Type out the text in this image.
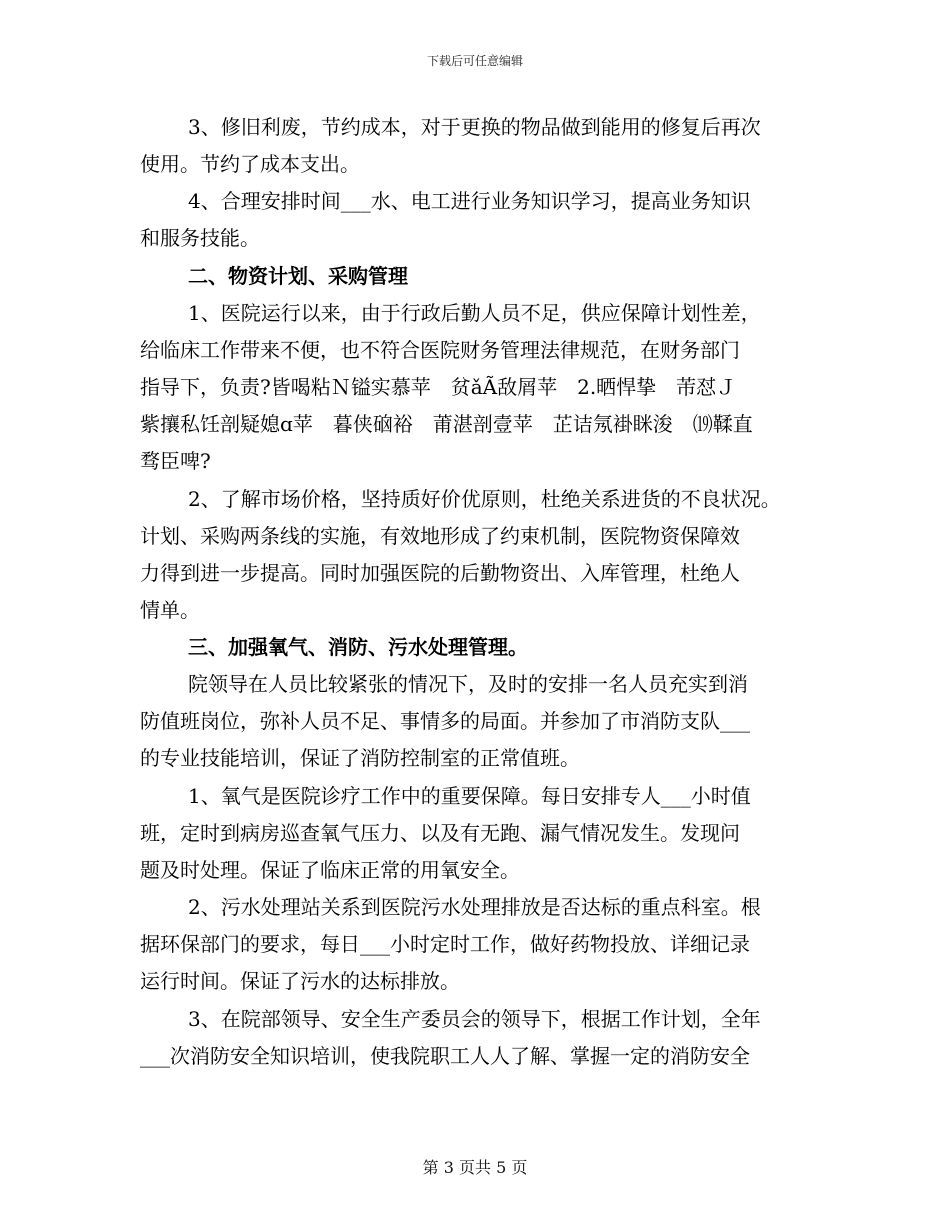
下载后可任意编辑
3、修旧利废，节约成本，对于更换的物品做到能用的修复后再次
使用。节约了成本支出。
4、合理安排时间___水、电工进行业务知识学习，提高业务知识
和服务技能。
二、物资计划、采购管理
1、医院运行以来，由于行政后勤人员不足，供应保障计划性差，
给临床工作带来不便，也不符合医院财务管理法律规范，在财务部门
指导下，负责?皆喝粘Ｎ镒实慕苹　贫ǎÃ敌屑苹　2.晒悍挚　芾怼Ｊ
紫攘私饪剖疑媳ɑ苹　暮侠硇裕　莆湛剖壹苹　芷诘氖褂眯浚　⒆鞣直
骛臣啤?
2、了解市场价格，坚持质好价优原则，杜绝关系进货的不良状况。
计划、采购两条线的实施，有效地形成了约束机制，医院物资保障效
力得到进一步提高。同时加强医院的后勤物资出、入库管理，杜绝人
情单。
三、加强氧气、消防、污水处理管理。
院领导在人员比较紧张的情况下，及时的安排一名人员充实到消
防值班岗位，弥补人员不足、事情多的局面。并参加了市消防支队___
的专业技能培训，保证了消防控制室的正常值班。
1、氧气是医院诊疗工作中的重要保障。每日安排专人___小时值
班，定时到病房巡查氧气压力、以及有无跑、漏气情况发生。发现问
题及时处理。保证了临床正常的用氧安全。
2、污水处理站关系到医院污水处理排放是否达标的重点科室。根
据环保部门的要求，每日___小时定时工作，做好药物投放、详细记录
运行时间。保证了污水的达标排放。
3、在院部领导、安全生产委员会的领导下，根据工作计划，全年
___次消防安全知识培训，使我院职工人人了解、掌握一定的消防安全
第 3 页共 5 页
